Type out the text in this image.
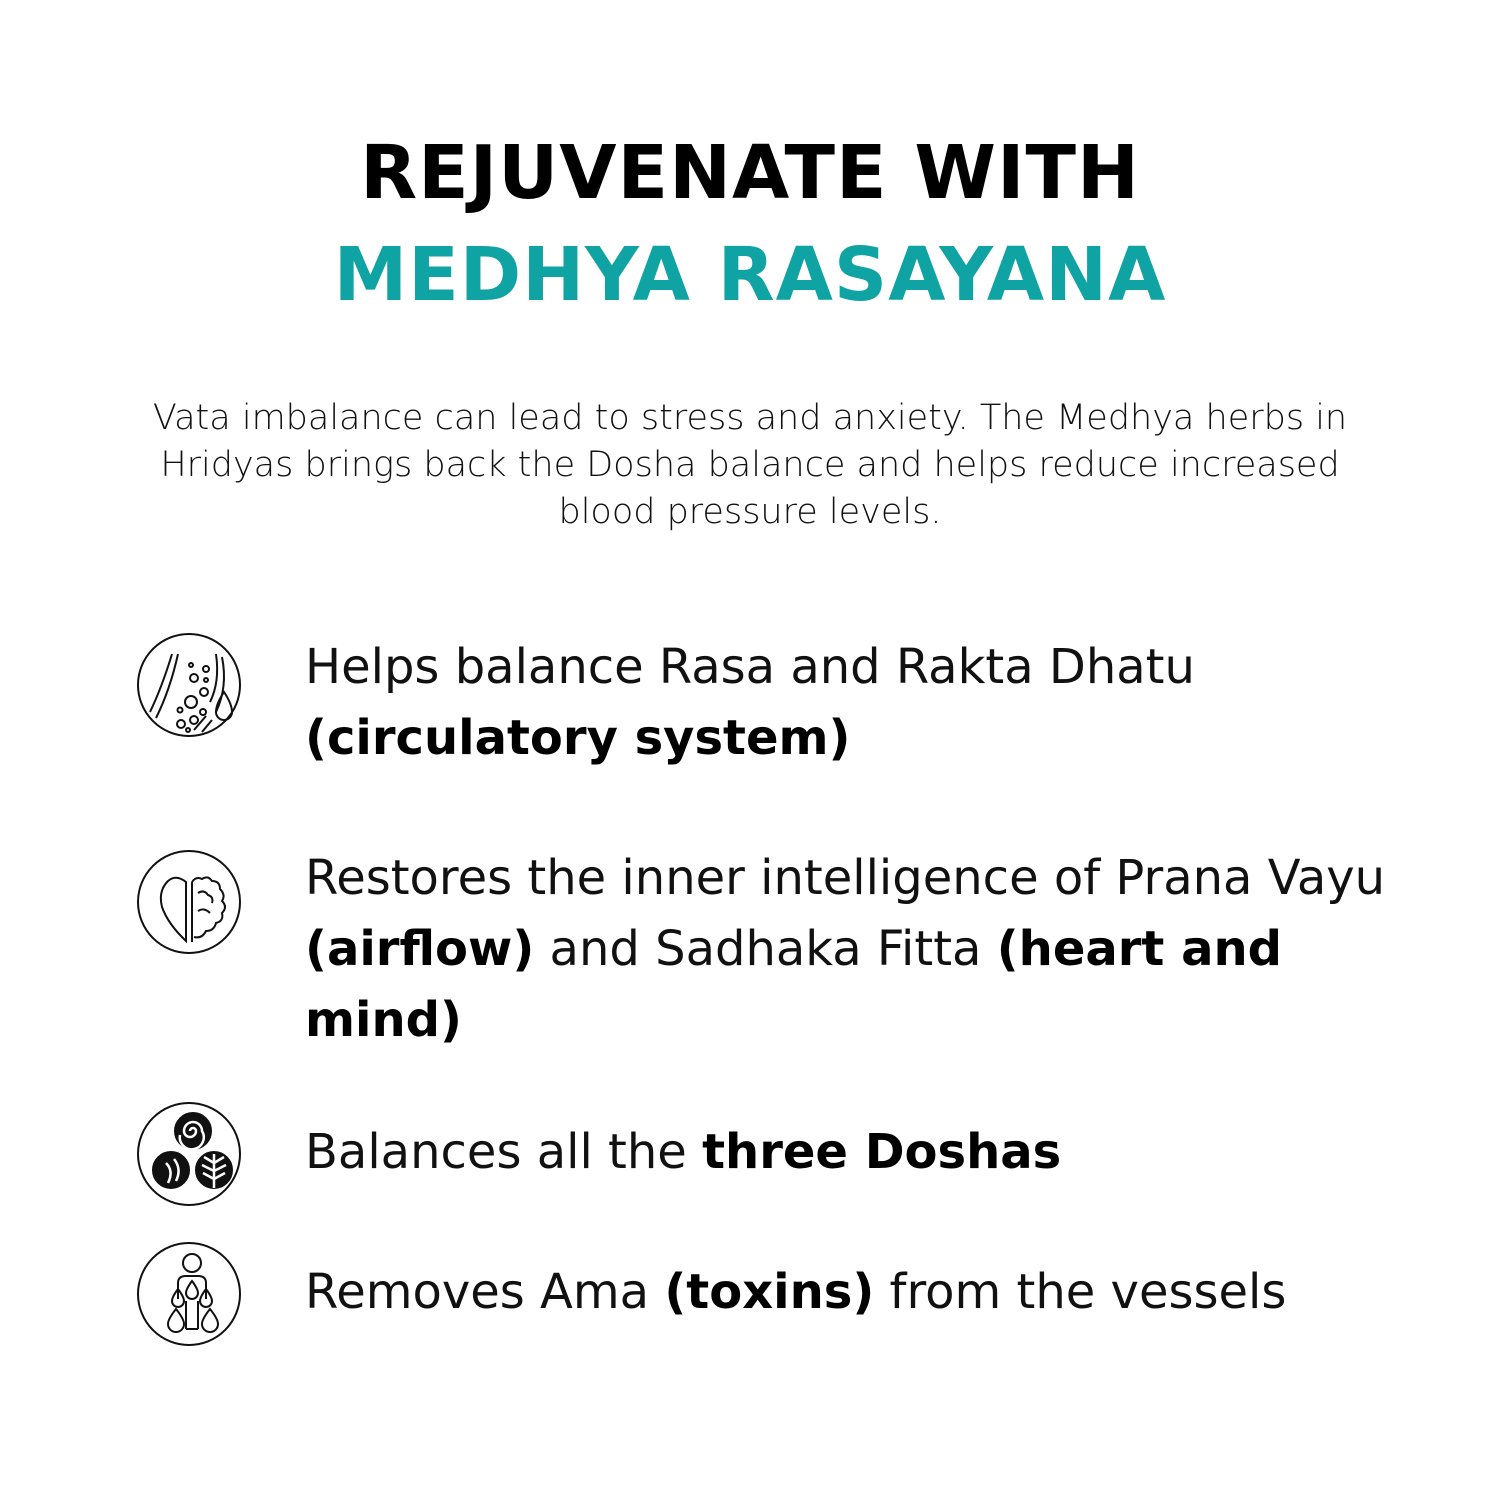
REJUVENATE WITH
MEDHYA RASAYANA

Vata imbalance can lead to stress and anxiety. The Medhya herbs in Hridyas brings back the Dosha balance and helps reduce increased blood pressure levels.

Helps balance Rasa and Rakta Dhatu
(circulatory system)
Restores the inner intelligence of Prana Vayu (airflow) and Sadhaka Fitta (heart and mind)
Balances all the three Doshas
Removes Ama (toxins) from the vessels
